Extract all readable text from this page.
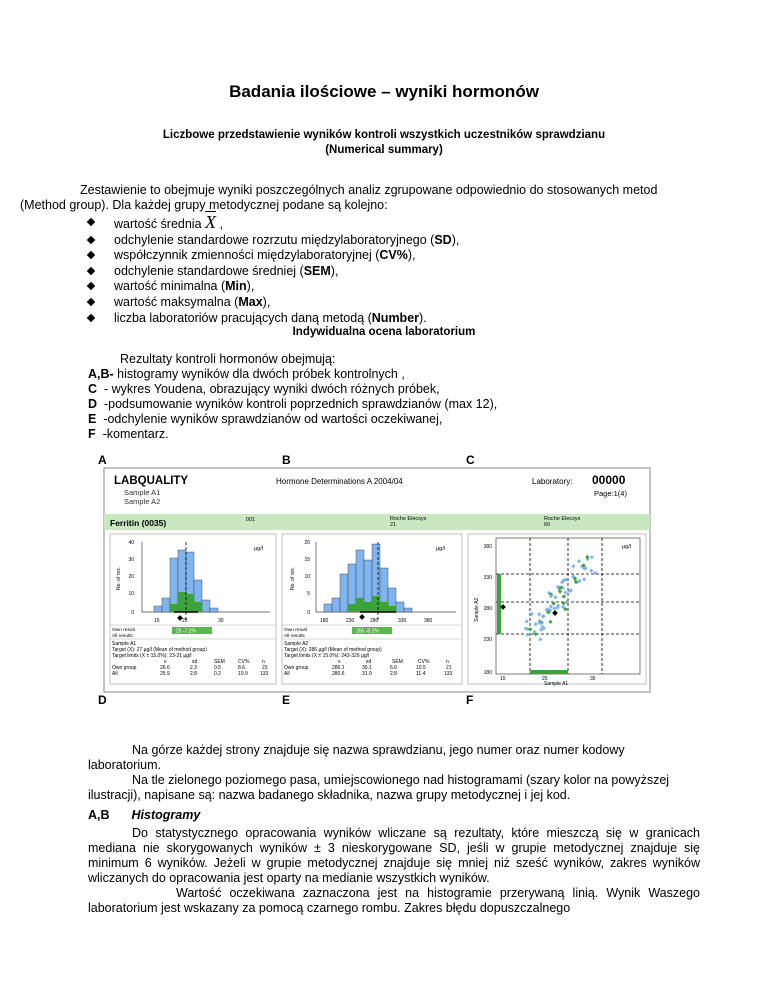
Badania ilościowe – wyniki hormonów
Liczbowe przedstawienie wyników kontroli wszystkich uczestników sprawdzianu
(Numerical summary)
Zestawienie to obejmuje wyniki poszczególnych analiz zgrupowane odpowiednio do stosowanych metod (Method group). Dla każdej grupy metodycznej podane są kolejno:
wartość średnia $\overline{X}$ ,
odchylenie standardowe rozrzutu międzylaboratoryjnego (SD),
współczynnik zmienności międzylaboratoryjnej (CV%),
odchylenie standardowe średniej (SEM),
wartość minimalna (Min),
wartość maksymalna (Max),
liczba laboratoriów pracujących daną metodą (Number).
Indywidualna ocena laboratorium
Rezultaty kontroli hormonów obejmują:
A,B- histogramy wyników dla dwóch próbek kontrolnych ,
C  - wykres Youdena, obrazujący wyniki dwóch różnych próbek,
D  -podsumowanie wyników kontroli poprzednich sprawdzianów (max 12),
E  -odchylenie wyników sprawdzianów od wartości oczekiwanej,
F  -komentarz.
A	B	C
D	E	F
LABQUALITY	Hormone Determinations A 2004/04	Laboratory: 00000
Sample A1
Sample A2
Page:1(4)
Ferritin (0035)	001	Roche Elecsys
21
Roche Elecsys
60
No. of res.
40
30
20
10
0
µg/l
15	25	30
Own result
All results
25 -7.2%
Sample A1
Target (X): 27 µg/l (Mean of method group)
Target limits (X ± 15.0%): 23-31 µg/l
x	sd	SEM	CV%	n
Own group	26.6	2.3	0.5	8.6	23
All	25.9	2.8	0.2	10.9 133
No. of res.
20
15
10
5
0
µg/l
180	230	280	330	380
Own result
All results
265 -8.2%
Sample A2
Target (X): 286 µg/l (Mean of method group)
Target limits (X ± 15.0%): 243-329 µg/l
x	sd	SEM	CV%	n
Own group	286.1	30.1	6.6	10.5	21
All	280.6	31.9	2.8	11.4	133
Sample A2
380
330
280
230
180
15	25	35
Sample A1
µg/l
Na górze każdej strony znajduje się nazwa sprawdzianu, jego numer oraz numer kodowy laboratorium.
Na tle zielonego poziomego pasa, umiejscowionego nad histogramami (szary kolor na powyższej ilustracji), napisane są: nazwa badanego składnika, nazwa grupy metodycznej i jej kod.
A,B Histogramy
Do statystycznego opracowania wyników wliczane są rezultaty, które mieszczą się w granicach mediana nie skorygowanych wyników ± 3 nieskorygowane SD, jeśli w grupie metodycznej znajduje się minimum 6 wyników. Jeżeli w grupie metodycznej znajduje się mniej niż sześć wyników, zakres wyników wliczanych do opracowania jest oparty na medianie wszystkich wyników.
Wartość oczekiwana zaznaczona jest na histogramie przerywaną linią. Wynik Waszego laboratorium jest wskazany za pomocą czarnego rombu. Zakres błędu dopuszczalnego
